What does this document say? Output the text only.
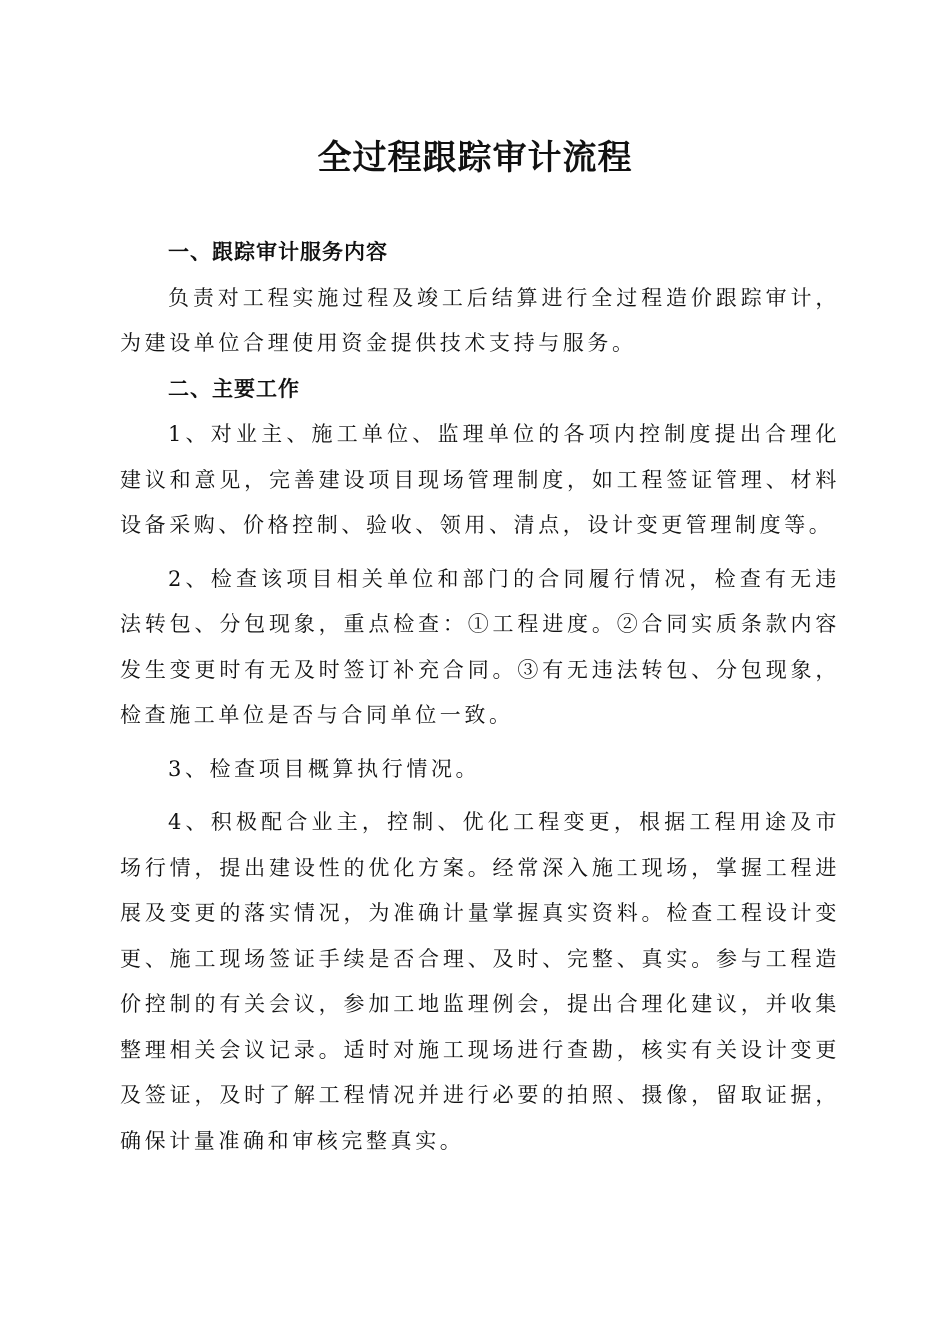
全过程跟踪审计流程
一、跟踪审计服务内容

负责对工程实施过程及竣工后结算进行全过程造价跟踪审计，为建设单位合理使用资金提供技术支持与服务。

二、主要工作

1、对业主、施工单位、监理单位的各项内控制度提出合理化建议和意见，完善建设项目现场管理制度，如工程签证管理、材料设备采购、价格控制、验收、领用、清点，设计变更管理制度等。

2、检查该项目相关单位和部门的合同履行情况，检查有无违法转包、分包现象，重点检查：①工程进度。②合同实质条款内容发生变更时有无及时签订补充合同。③有无违法转包、分包现象，检查施工单位是否与合同单位一致。

3、检查项目概算执行情况。

4、积极配合业主，控制、优化工程变更，根据工程用途及市场行情，提出建设性的优化方案。经常深入施工现场，掌握工程进展及变更的落实情况，为准确计量掌握真实资料。检查工程设计变更、施工现场签证手续是否合理、及时、完整、真实。参与工程造价控制的有关会议，参加工地监理例会，提出合理化建议，并收集整理相关会议记录。适时对施工现场进行查勘，核实有关设计变更及签证，及时了解工程情况并进行必要的拍照、摄像，留取证据，确保计量准确和审核完整真实。
